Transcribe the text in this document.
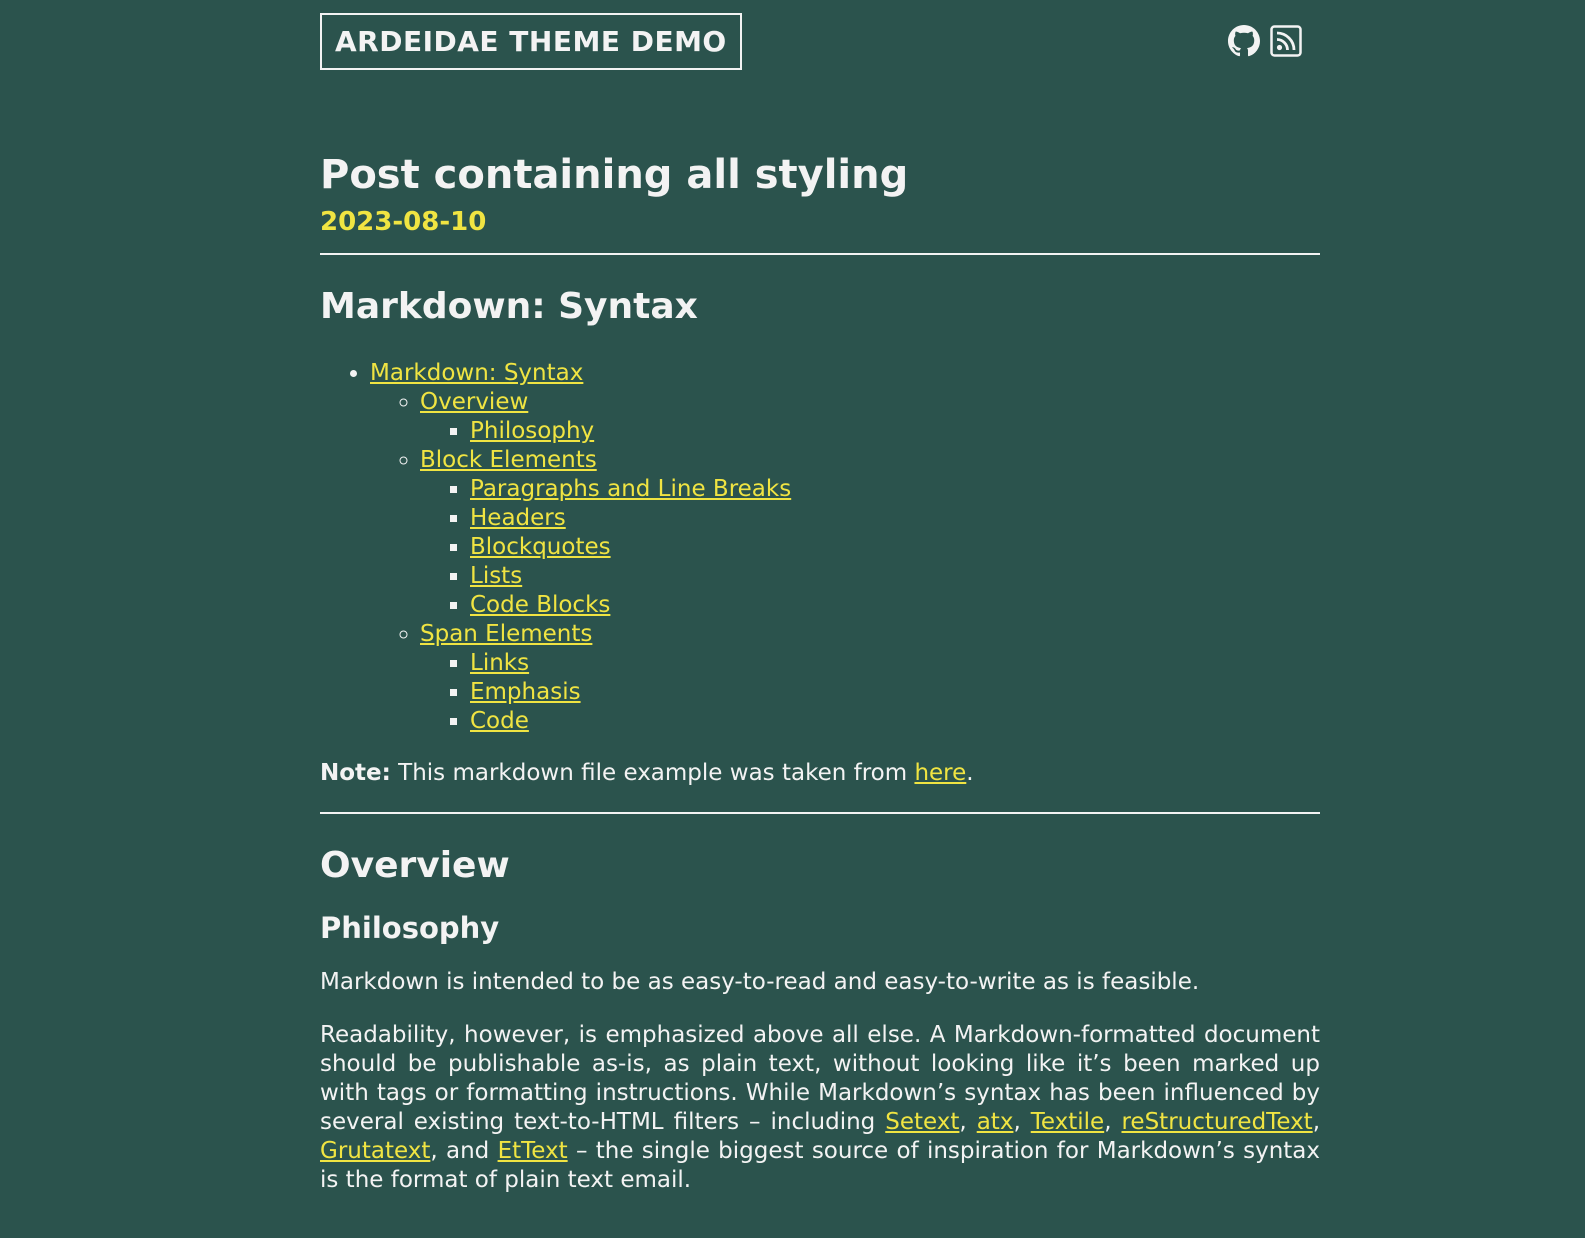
ARDEIDAE THEME DEMO
Post containing all styling
2023-08-10
Markdown: Syntax
• Markdown: Syntax
◦ Overview
▪ Philosophy
◦ Block Elements
▪ Paragraphs and Line Breaks
▪ Headers
▪ Blockquotes
▪ Lists
▪ Code Blocks
◦ Span Elements
▪ Links
▪ Emphasis
▪ Code

Note: This markdown file example was taken from here.

Overview
Philosophy

Markdown is intended to be as easy-to-read and easy-to-write as is feasible.

Readability, however, is emphasized above all else. A Markdown-formatted document should be publishable as-is, as plain text, without looking like it’s been marked up with tags or formatting instructions. While Markdown’s syntax has been influenced by several existing text-to-HTML filters – including Setext, atx, Textile, reStructuredText, Grutatext, and EtText – the single biggest source of inspiration for Markdown’s syntax is the format of plain text email.
